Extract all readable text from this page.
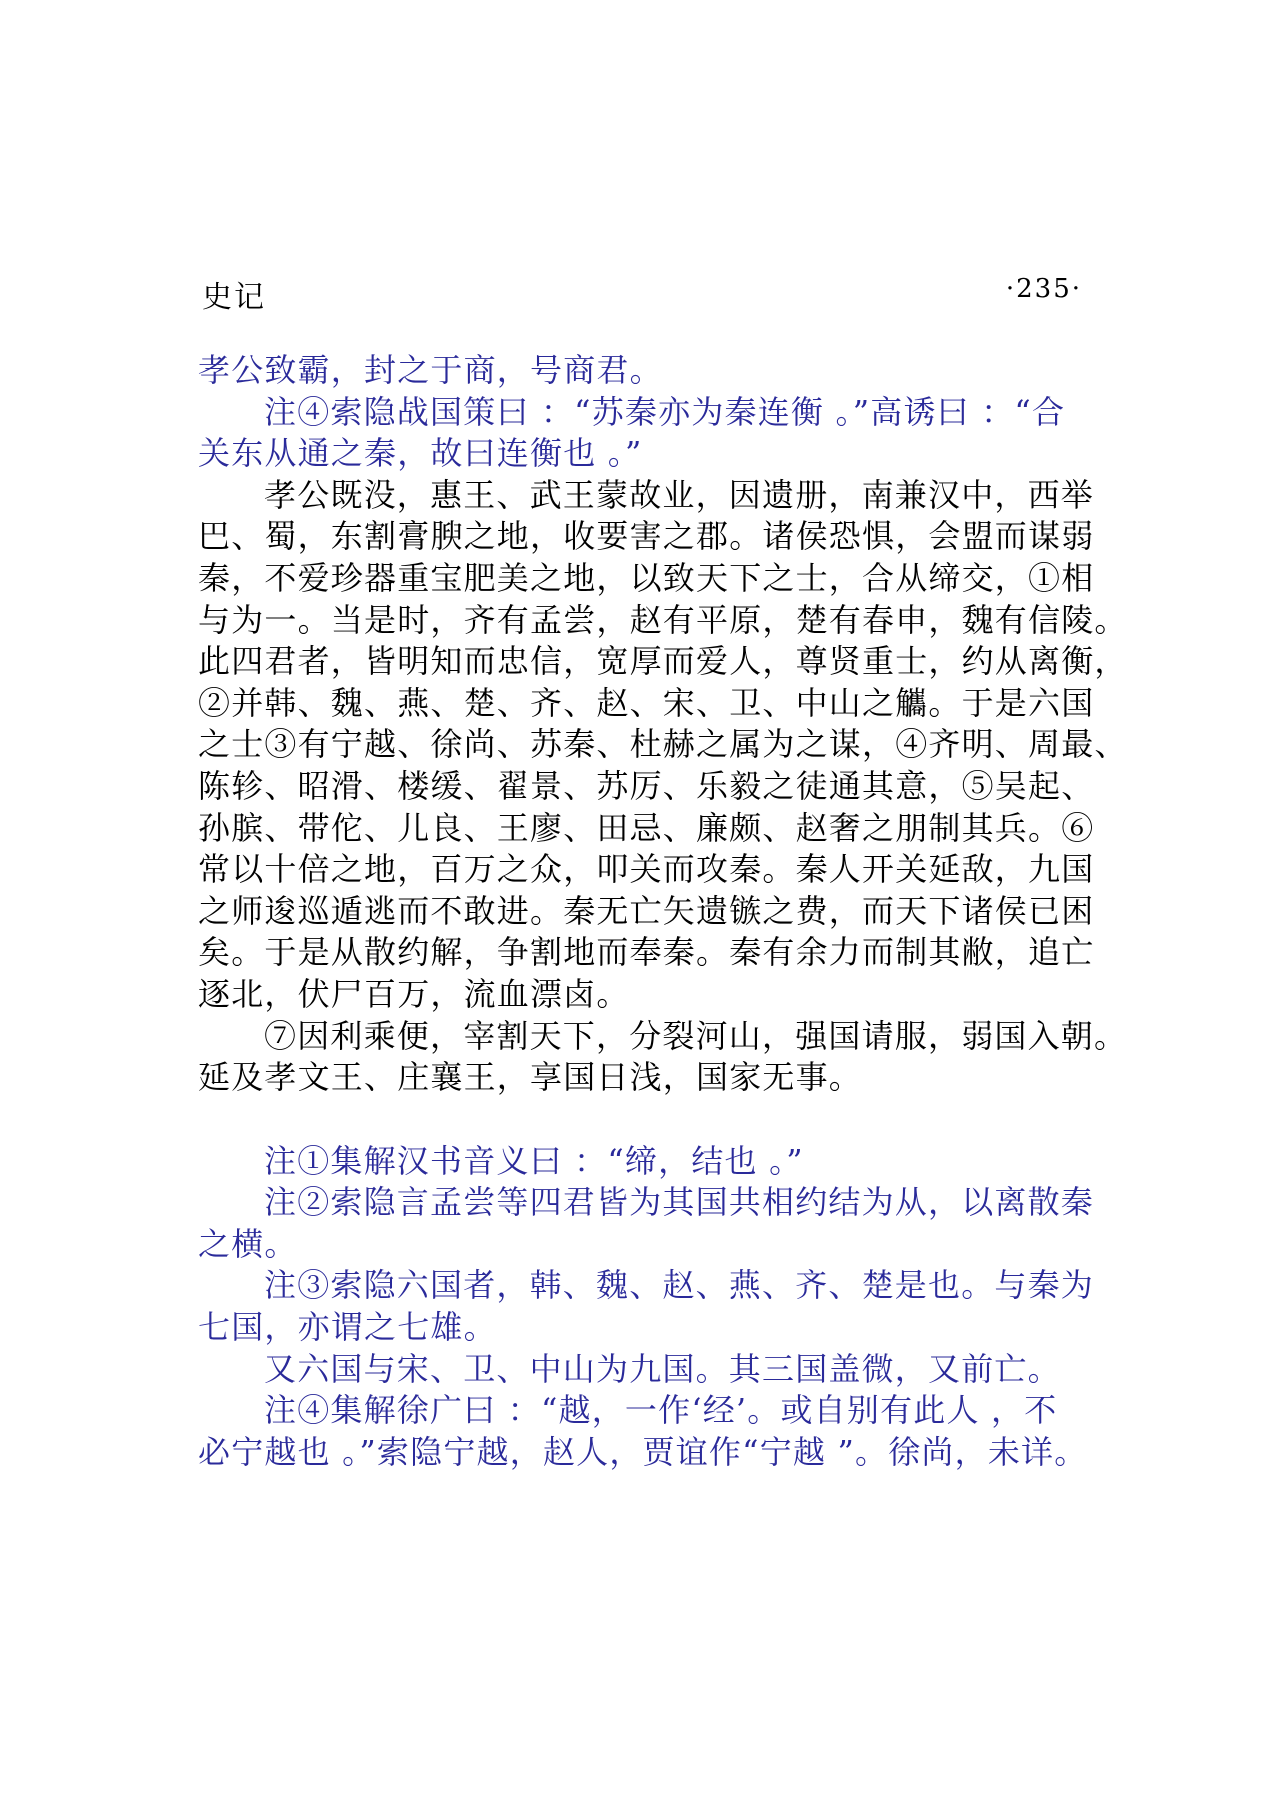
史记	·235·
孝公致霸，封之于商，号商君。
注④索隐战国策曰 ：“苏秦亦为秦连衡 。”高诱曰 ：“合
关东从通之秦，故曰连衡也 。”
孝公既没，惠王、武王蒙故业，因遗册，南兼汉中，西举
巴、蜀，东割膏腴之地，收要害之郡。诸侯恐惧，会盟而谋弱
秦，不爱珍器重宝肥美之地，以致天下之士，合从缔交，①相
与为一。当是时，齐有孟尝，赵有平原，楚有春申，魏有信陵。
此四君者，皆明知而忠信，宽厚而爱人，尊贤重士，约从离衡，
②并韩、魏、燕、楚、齐、赵、宋、卫、中山之觿。于是六国
之士③有宁越、徐尚、苏秦、杜赫之属为之谋，④齐明、周最、
陈轸、昭滑、楼缓、翟景、苏厉、乐毅之徒通其意，⑤吴起、
孙膑、带佗、儿良、王廖、田忌、廉颇、赵奢之朋制其兵。⑥
常以十倍之地，百万之众，叩关而攻秦。秦人开关延敌，九国
之师逡巡遁逃而不敢进。秦无亡矢遗镞之费，而天下诸侯已困
矣。于是从散约解，争割地而奉秦。秦有余力而制其敝，追亡
逐北，伏尸百万，流血漂卤。
⑦因利乘便，宰割天下，分裂河山，强国请服，弱国入朝。
延及孝文王、庄襄王，享国日浅，国家无事。
注①集解汉书音义曰 ：“缔，结也 。”
注②索隐言孟尝等四君皆为其国共相约结为从，以离散秦
之横。
注③索隐六国者，韩、魏、赵、燕、齐、楚是也。与秦为
七国，亦谓之七雄。
又六国与宋、卫、中山为九国。其三国盖微，又前亡。
注④集解徐广曰 ：“越，一作‘经’。或自别有此人 ，不
必宁越也 。”索隐宁越，赵人，贾谊作“宁越 ”。徐尚，未详。
